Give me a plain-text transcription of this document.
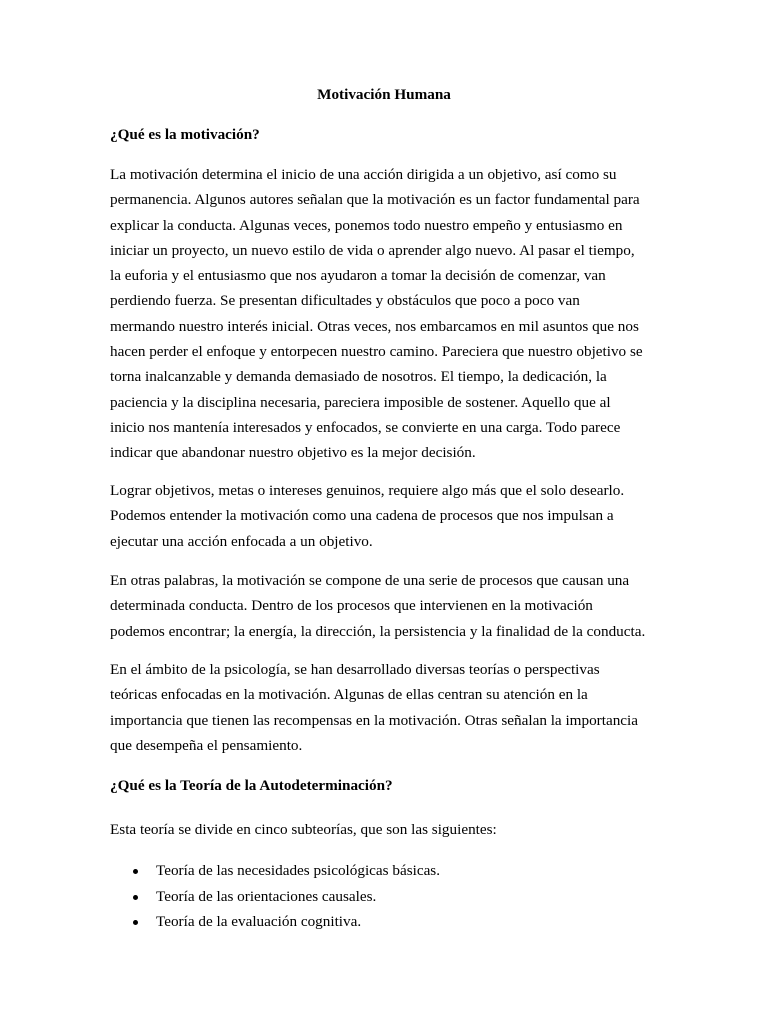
Motivación Humana
¿Qué es la motivación?

La motivación determina el inicio de una acción dirigida a un objetivo, así como su
permanencia. Algunos autores señalan que la motivación es un factor fundamental para
explicar la conducta. Algunas veces, ponemos todo nuestro empeño y entusiasmo en
iniciar un proyecto, un nuevo estilo de vida o aprender algo nuevo. Al pasar el tiempo,
la euforia y el entusiasmo que nos ayudaron a tomar la decisión de comenzar, van
perdiendo fuerza. Se presentan dificultades y obstáculos que poco a poco van
mermando nuestro interés inicial. Otras veces, nos embarcamos en mil asuntos que nos
hacen perder el enfoque y entorpecen nuestro camino. Pareciera que nuestro objetivo se
torna inalcanzable y demanda demasiado de nosotros. El tiempo, la dedicación, la
paciencia y la disciplina necesaria, pareciera imposible de sostener. Aquello que al
inicio nos mantenía interesados y enfocados, se convierte en una carga. Todo parece
indicar que abandonar nuestro objetivo es la mejor decisión.

Lograr objetivos, metas o intereses genuinos, requiere algo más que el solo desearlo.
Podemos entender la motivación como una cadena de procesos que nos impulsan a
ejecutar una acción enfocada a un objetivo.

En otras palabras, la motivación se compone de una serie de procesos que causan una
determinada conducta. Dentro de los procesos que intervienen en la motivación
podemos encontrar; la energía, la dirección, la persistencia y la finalidad de la conducta.

En el ámbito de la psicología, se han desarrollado diversas teorías o perspectivas
teóricas enfocadas en la motivación. Algunas de ellas centran su atención en la
importancia que tienen las recompensas en la motivación. Otras señalan la importancia
que desempeña el pensamiento.

¿Qué es la Teoría de la Autodeterminación?
Esta teoría se divide en cinco subteorías, que son las siguientes:
Teoría de las necesidades psicológicas básicas.
Teoría de las orientaciones causales.
Teoría de la evaluación cognitiva.
